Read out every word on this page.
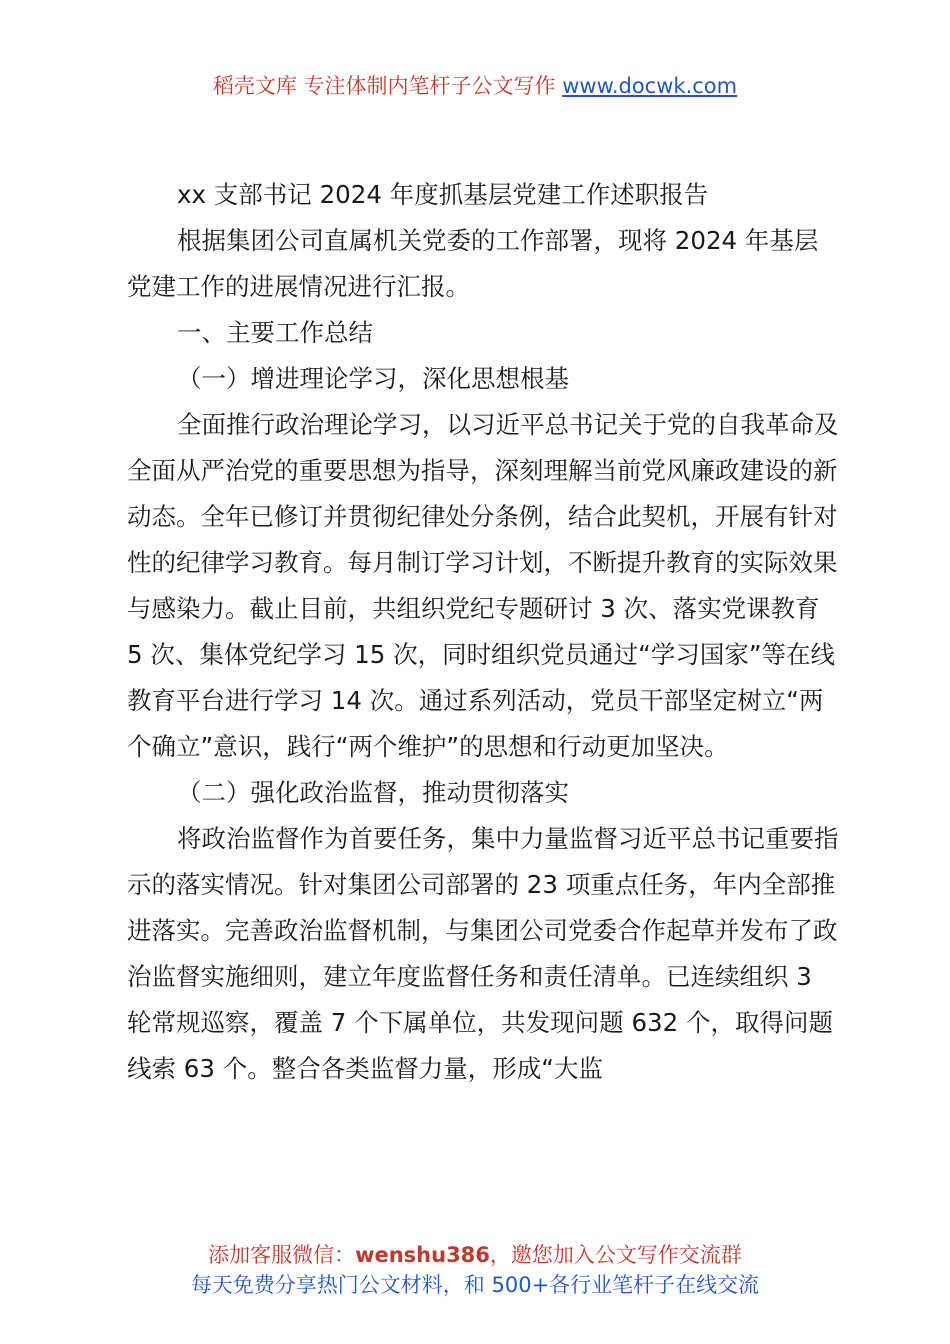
稻壳文库 专注体制内笔杆子公文写作 www.docwk.com

xx 支部书记 2024 年度抓基层党建工作述职报告

根据集团公司直属机关党委的工作部署，现将 2024 年基层党建工作的进展情况进行汇报。

一、主要工作总结

（一）增进理论学习，深化思想根基

全面推行政治理论学习，以习近平总书记关于党的自我革命及全面从严治党的重要思想为指导，深刻理解当前党风廉政建设的新动态。全年已修订并贯彻纪律处分条例，结合此契机，开展有针对性的纪律学习教育。每月制订学习计划，不断提升教育的实际效果与感染力。截止目前，共组织党纪专题研讨 3 次、落实党课教育 5 次、集体党纪学习 15 次，同时组织党员通过“学习国家”等在线教育平台进行学习 14 次。通过系列活动，党员干部坚定树立“两个确立”意识，践行“两个维护”的思想和行动更加坚决。

（二）强化政治监督，推动贯彻落实

将政治监督作为首要任务，集中力量监督习近平总书记重要指示的落实情况。针对集团公司部署的 23 项重点任务，年内全部推进落实。完善政治监督机制，与集团公司党委合作起草并发布了政治监督实施细则，建立年度监督任务和责任清单。已连续组织 3 轮常规巡察，覆盖 7 个下属单位，共发现问题 632 个，取得问题线索 63 个。整合各类监督力量，形成“大监

添加客服微信：wenshu386，邀您加入公文写作交流群
每天免费分享热门公文材料，和 500+各行业笔杆子在线交流
